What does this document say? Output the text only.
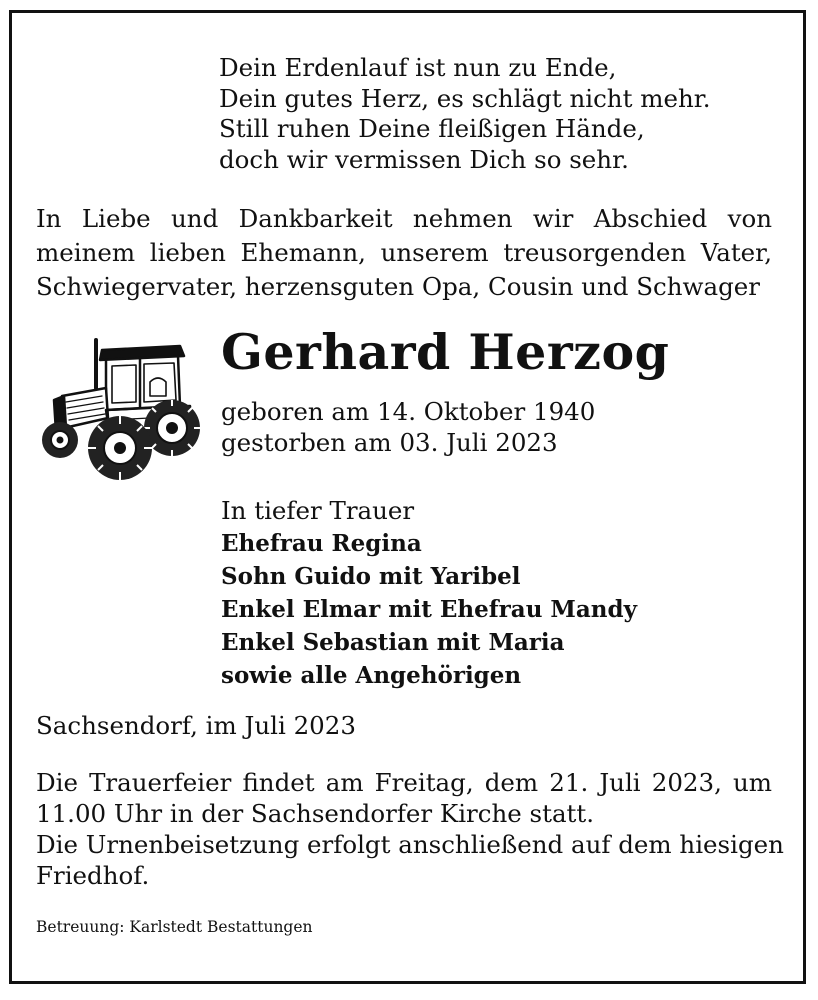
Dein Erdenlauf ist nun zu Ende,
Dein gutes Herz, es schlägt nicht mehr.
Still ruhen Deine fleißigen Hände,
doch wir vermissen Dich so sehr.
In Liebe und Dankbarkeit nehmen wir Abschied von
meinem lieben Ehemann, unserem treusorgenden Vater,
Schwiegervater, herzensguten Opa, Cousin und Schwager
Gerhard Herzog
geboren am 14. Oktober 1940
gestorben am 03. Juli 2023
In tiefer Trauer
Ehefrau Regina
Sohn Guido mit Yaribel
Enkel Elmar mit Ehefrau Mandy
Enkel Sebastian mit Maria
sowie alle Angehörigen
Sachsendorf, im Juli 2023
Die Trauerfeier findet am Freitag, dem 21. Juli 2023, um
11.00 Uhr in der Sachsendorfer Kirche statt.
Die Urnenbeisetzung erfolgt anschließend auf dem hiesigen
Friedhof.
Betreuung: Karlstedt Bestattungen
